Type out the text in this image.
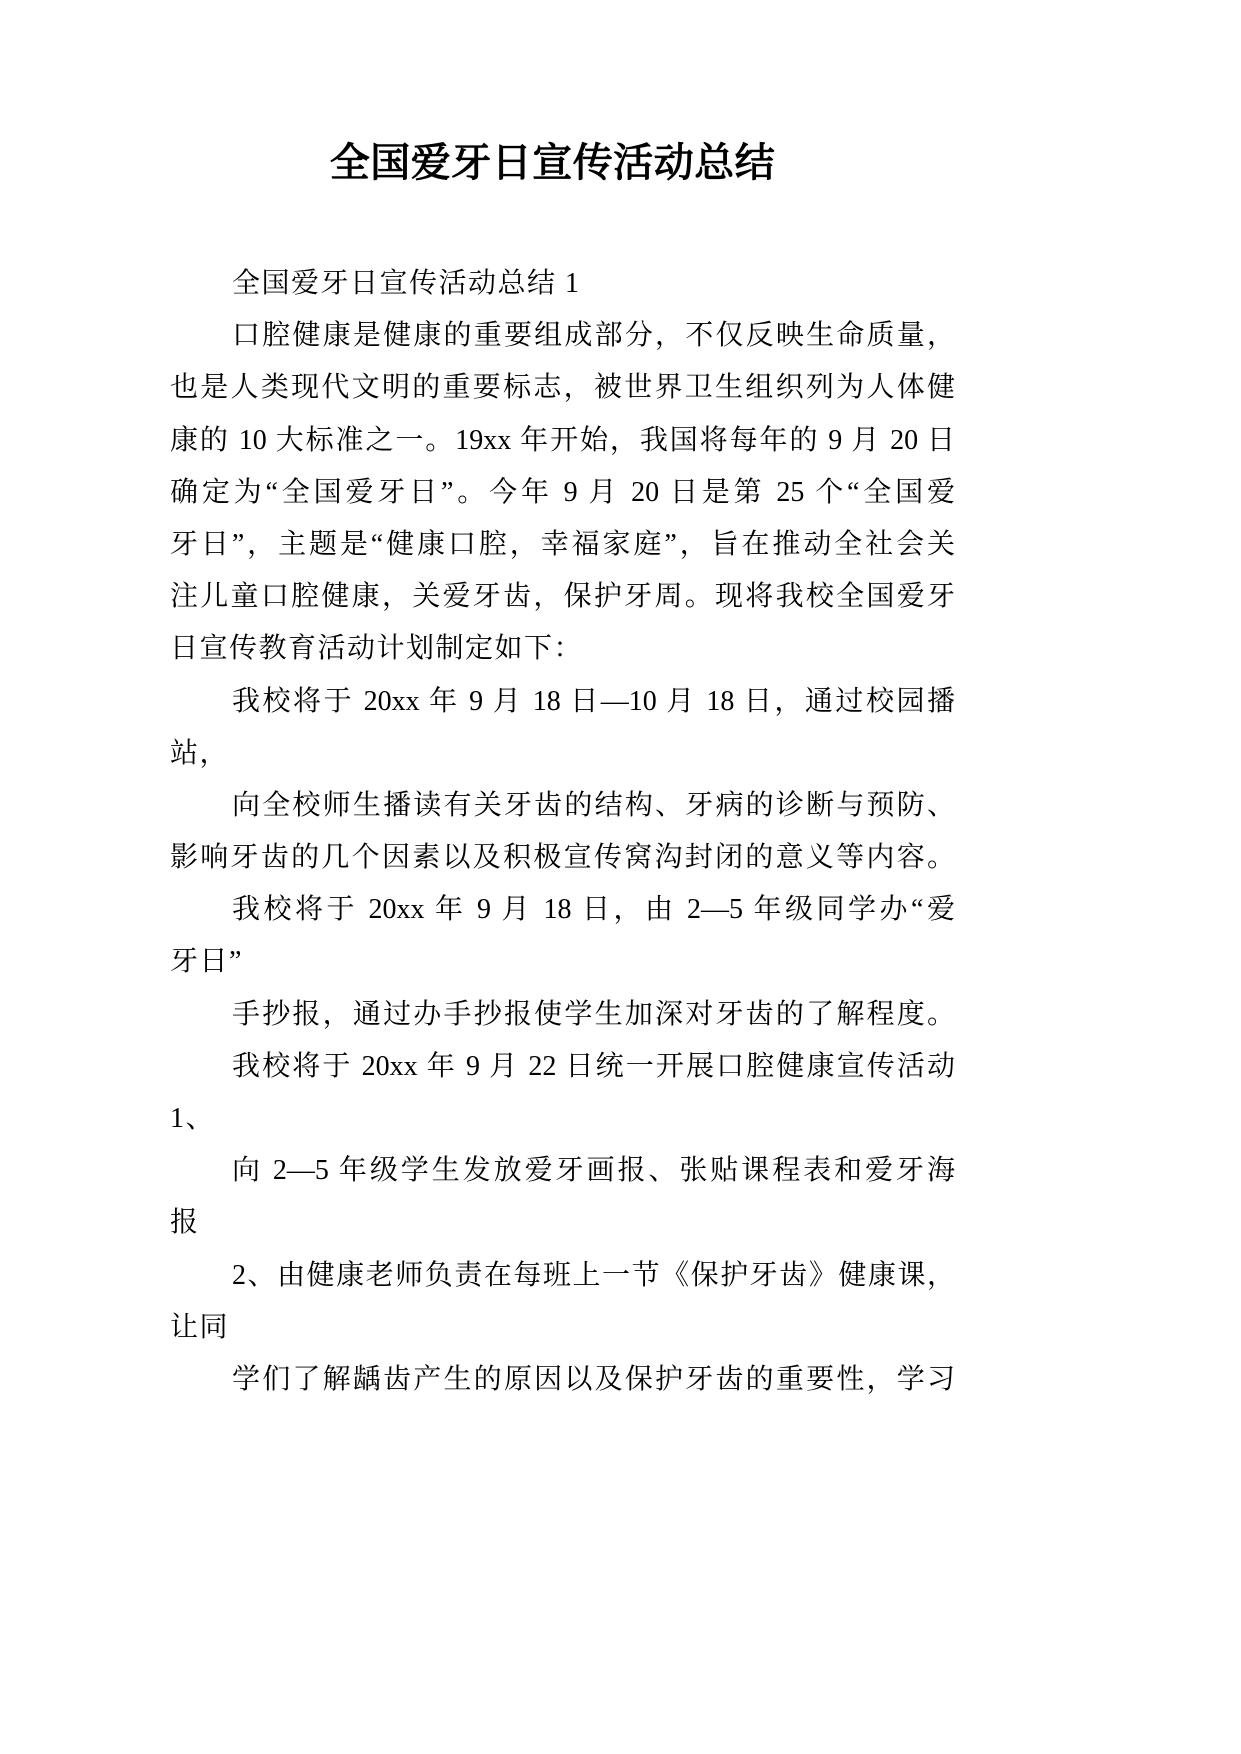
全国爱牙日宣传活动总结
全国爱牙日宣传活动总结 1
口腔健康是健康的重要组成部分，不仅反映生命质量，
也是人类现代文明的重要标志，被世界卫生组织列为人体健
康的 10 大标准之一。19xx 年开始，我国将每年的 9 月 20 日
确定为“全国爱牙日”。今年 9 月 20 日是第 25 个“全国爱
牙日”，主题是“健康口腔，幸福家庭”，旨在推动全社会关
注儿童口腔健康，关爱牙齿，保护牙周。现将我校全国爱牙
日宣传教育活动计划制定如下：
我校将于 20xx 年 9 月 18 日—10 月 18 日，通过校园播
站，
向全校师生播读有关牙齿的结构、牙病的诊断与预防、
影响牙齿的几个因素以及积极宣传窝沟封闭的意义等内容。
我校将于 20xx 年 9 月 18 日，由 2—5 年级同学办“爱
牙日”
手抄报，通过办手抄报使学生加深对牙齿的了解程度。
我校将于 20xx 年 9 月 22 日统一开展口腔健康宣传活动
1、
向 2—5 年级学生发放爱牙画报、张贴课程表和爱牙海
报
2、由健康老师负责在每班上一节《保护牙齿》健康课，
让同
学们了解龋齿产生的原因以及保护牙齿的重要性，学习
